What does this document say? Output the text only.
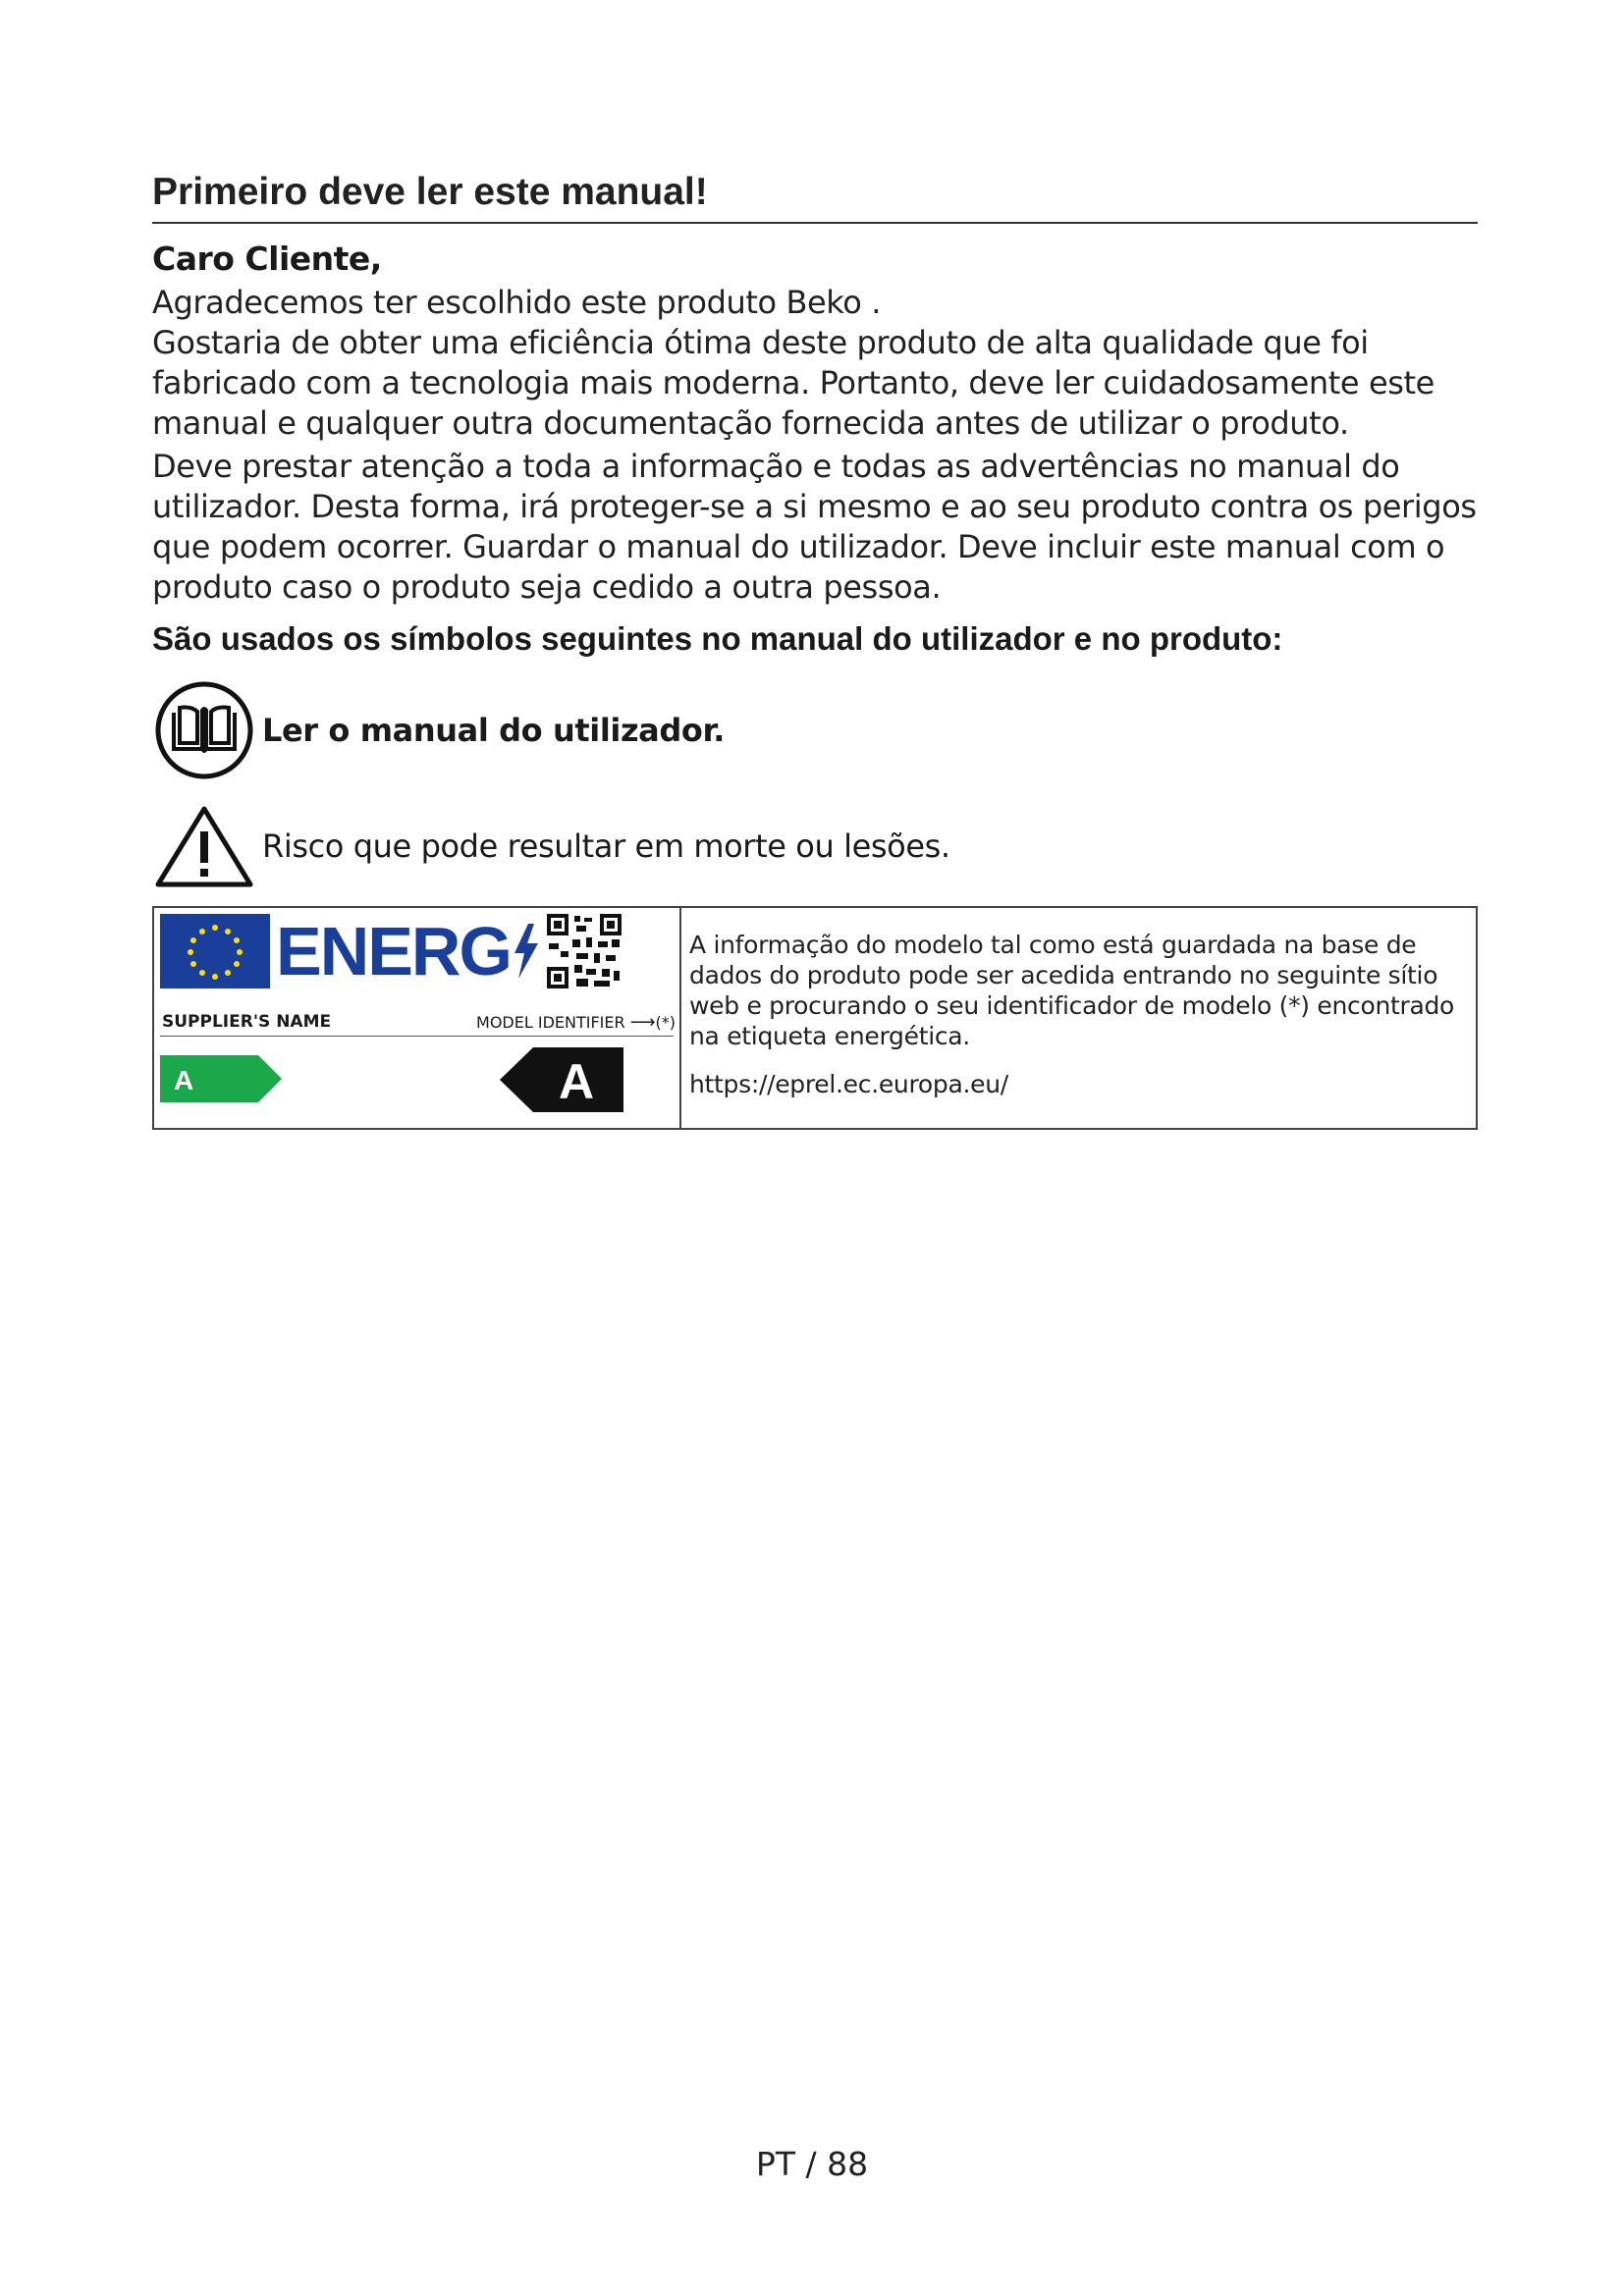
Primeiro deve ler este manual!

Caro Cliente,

Agradecemos ter escolhido este produto Beko .

Gostaria de obter uma eficiência ótima deste produto de alta qualidade que foi fabricado com a tecnologia mais moderna. Portanto, deve ler cuidadosamente este manual e qualquer outra documentação fornecida antes de utilizar o produto.

Deve prestar atenção a toda a informação e todas as advertências no manual do utilizador. Desta forma, irá proteger-se a si mesmo e ao seu produto contra os perigos que podem ocorrer. Guardar o manual do utilizador. Deve incluir este manual com o produto caso o produto seja cedido a outra pessoa.

São usados os símbolos seguintes no manual do utilizador e no produto:

Ler o manual do utilizador.
Risco que pode resultar em morte ou lesões.
ENERG
SUPPLIER'S NAME	MODEL IDENTIFIER ⟶(*)
A	A

A informação do modelo tal como está guardada na base de dados do produto pode ser acedida entrando no seguinte sítio web e procurando o seu identificador de modelo (*) encontrado na etiqueta energética.

https://eprel.ec.europa.eu/

PT / 88
